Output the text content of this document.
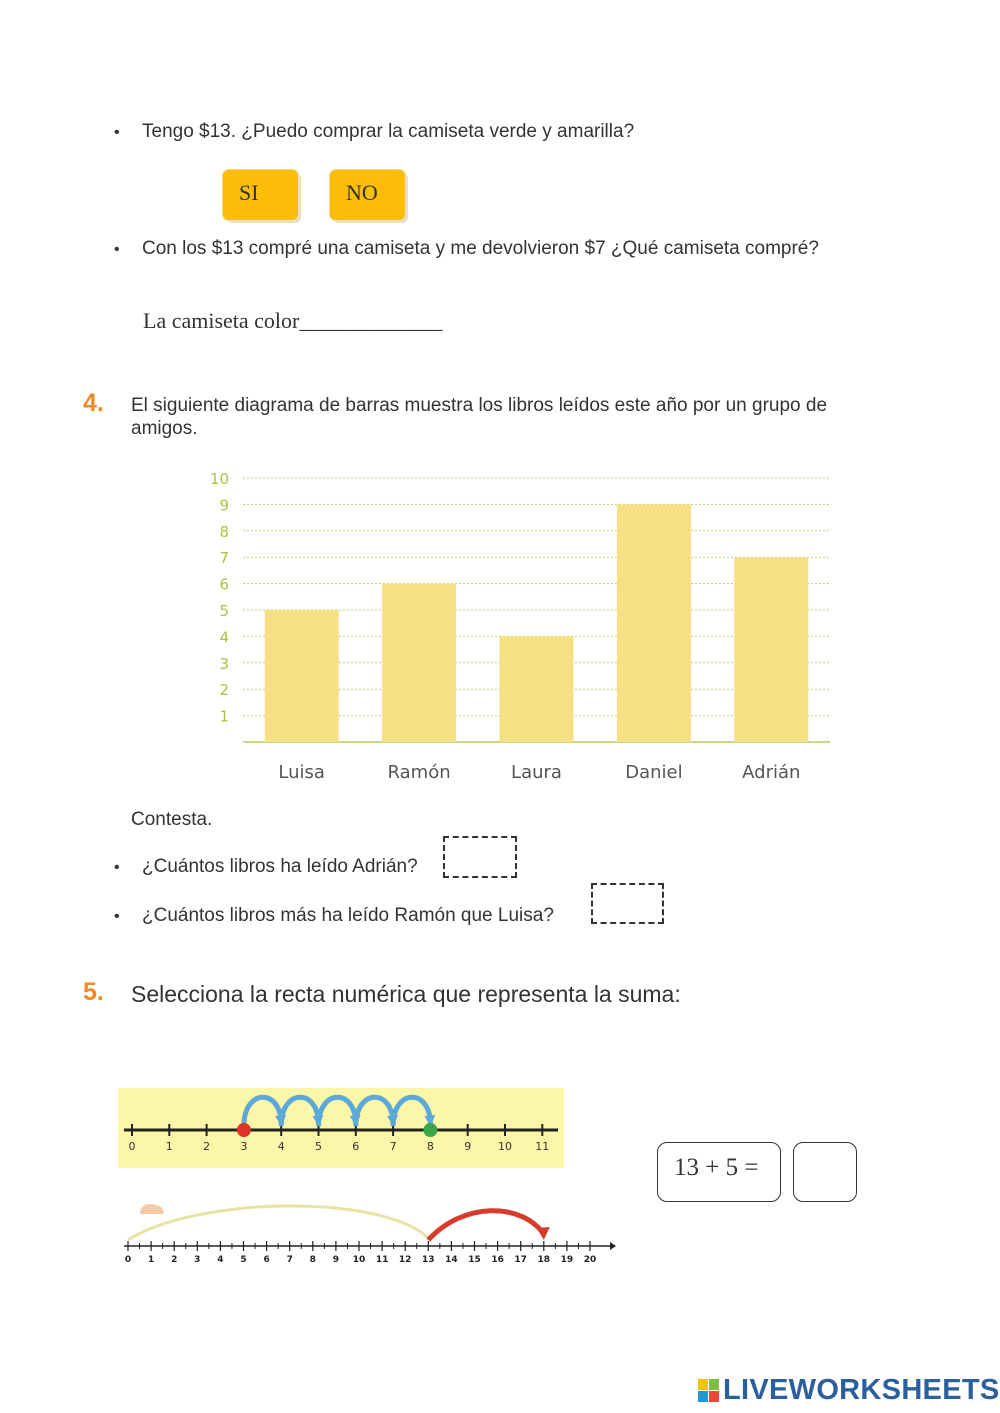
• Tengo $13. ¿Puedo comprar la camiseta verde y amarilla?
SI	NO
• Con los $13 compré una camiseta y me devolvieron $7 ¿Qué camiseta compré?
La camiseta color_____________
4. El siguiente diagrama de barras muestra los libros leídos este año por un grupo de
amigos.
1
2
3
4
5
6
7
8
9
10
Luisa	Ramón	Laura	Daniel	Adrián
Contesta.
• ¿Cuántos libros ha leído Adrián?
• ¿Cuántos libros más ha leído Ramón que Luisa?
5. Selecciona la recta numérica que representa la suma:
0	1	2	3	4	5	6	7	8	9 10 11
0 1 2 3 4 5 6 7 8 9 10 11 12 13 14 15 16 17 18 19 20
13 + 5 =
LIVEWORKSHEETS
